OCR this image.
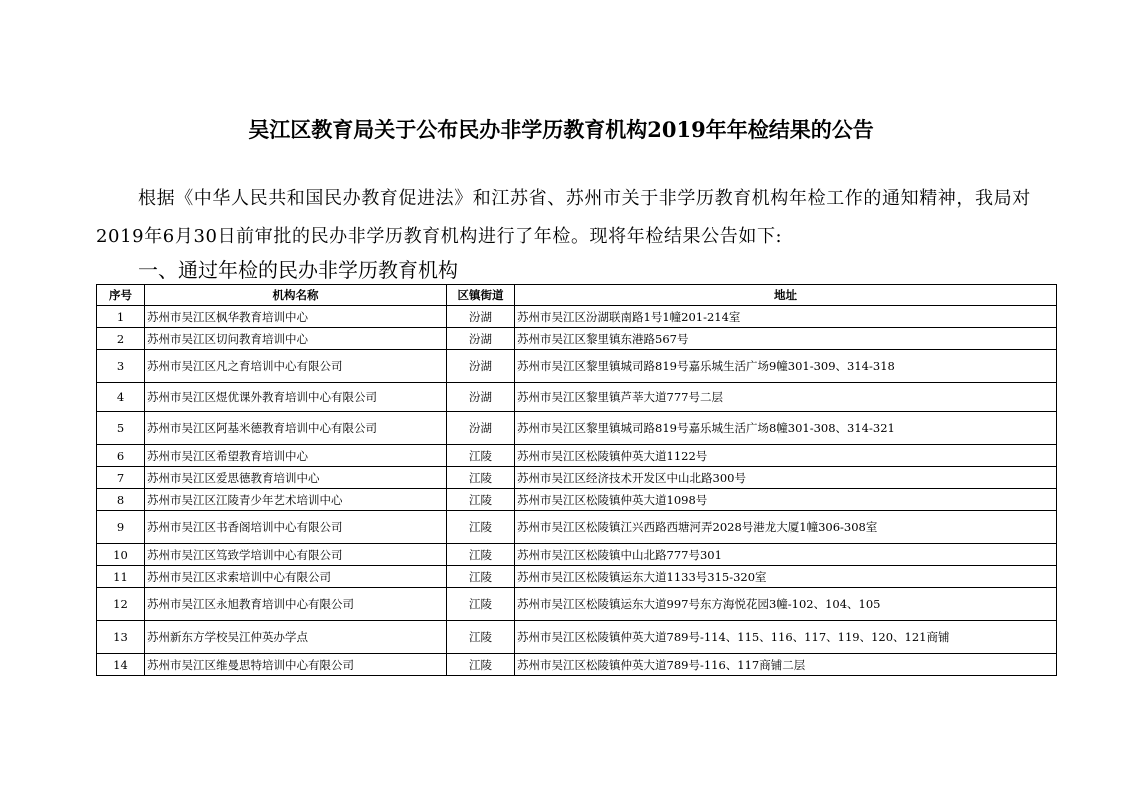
吴江区教育局关于公布民办非学历教育机构2019年年检结果的公告
根据《中华人民共和国民办教育促进法》和江苏省、苏州市关于非学历教育机构年检工作的通知精神，我局对2019年6月30日前审批的民办非学历教育机构进行了年检。现将年检结果公告如下:
一、通过年检的民办非学历教育机构
序号	机构名称	区镇街道	地址
1	苏州市吴江区枫华教育培训中心	汾湖	苏州市吴江区汾湖联南路1号1幢201-214室
2	苏州市吴江区切问教育培训中心	汾湖	苏州市吴江区黎里镇东港路567号
3	苏州市吴江区凡之育培训中心有限公司	汾湖	苏州市吴江区黎里镇城司路819号嘉乐城生活广场9幢301-309、314-318
4	苏州市吴江区煜优课外教育培训中心有限公司	汾湖	苏州市吴江区黎里镇芦莘大道777号二层
5	苏州市吴江区阿基米德教育培训中心有限公司	汾湖	苏州市吴江区黎里镇城司路819号嘉乐城生活广场8幢301-308、314-321
6	苏州市吴江区希望教育培训中心	江陵	苏州市吴江区松陵镇仲英大道1122号
7	苏州市吴江区爱思德教育培训中心	江陵	苏州市吴江区经济技术开发区中山北路300号
8	苏州市吴江区江陵青少年艺术培训中心	江陵	苏州市吴江区松陵镇仲英大道1098号
9	苏州市吴江区书香阁培训中心有限公司	江陵	苏州市吴江区松陵镇江兴西路西塘河弄2028号港龙大厦1幢306-308室
10	苏州市吴江区笃致学培训中心有限公司	江陵	苏州市吴江区松陵镇中山北路777号301
11	苏州市吴江区求索培训中心有限公司	江陵	苏州市吴江区松陵镇运东大道1133号315-320室
12	苏州市吴江区永旭教育培训中心有限公司	江陵	苏州市吴江区松陵镇运东大道997号东方海悦花园3幢-102、104、105
13	苏州新东方学校吴江仲英办学点	江陵	苏州市吴江区松陵镇仲英大道789号-114、115、116、117、119、120、121商铺
14	苏州市吴江区维曼思特培训中心有限公司	江陵	苏州市吴江区松陵镇仲英大道789号-116、117商铺二层
